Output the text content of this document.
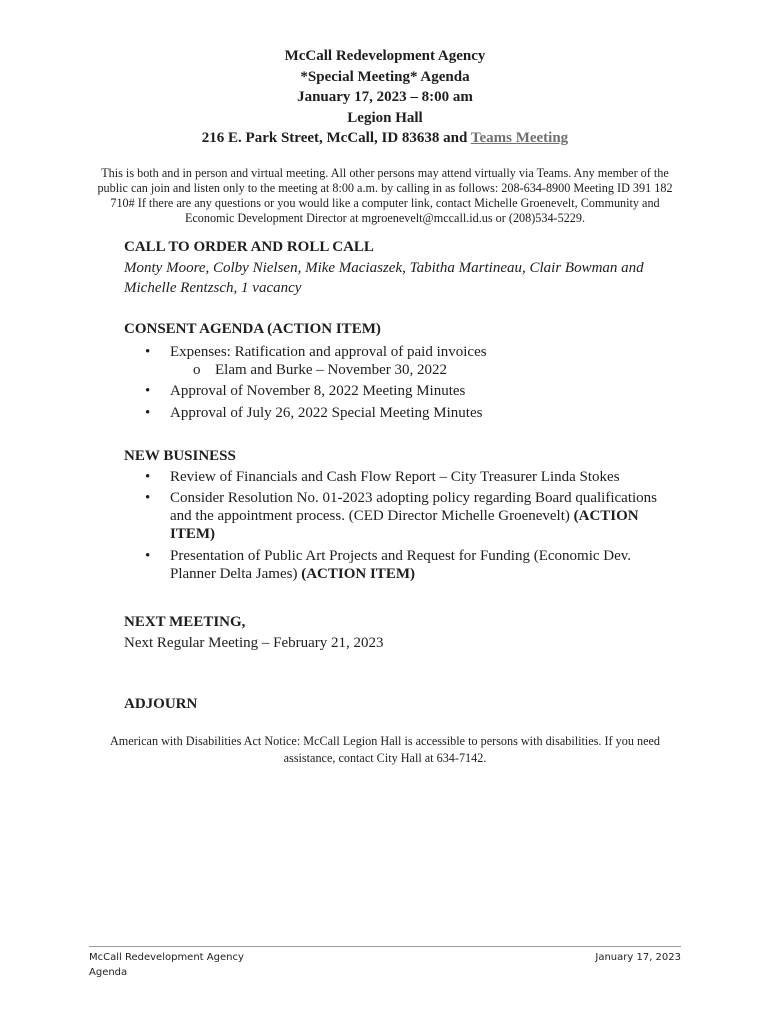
McCall Redevelopment Agency
*Special Meeting* Agenda
January 17, 2023 – 8:00 am
Legion Hall
216 E. Park Street, McCall, ID 83638 and Teams Meeting
This is both and in person and virtual meeting. All other persons may attend virtually via Teams. Any member of the public can join and listen only to the meeting at 8:00 a.m. by calling in as follows: 208-634-8900 Meeting ID 391 182 710# If there are any questions or you would like a computer link, contact Michelle Groenevelt, Community and Economic Development Director at mgroenevelt@mccall.id.us or (208)534-5229.
CALL TO ORDER AND ROLL CALL
Monty Moore, Colby Nielsen, Mike Maciaszek, Tabitha Martineau, Clair Bowman and Michelle Rentzsch, 1 vacancy
CONSENT AGENDA (ACTION ITEM)
• Expenses: Ratification and approval of paid invoices
o Elam and Burke – November 30, 2022
• Approval of November 8, 2022 Meeting Minutes
• Approval of July 26, 2022 Special Meeting Minutes
NEW BUSINESS
• Review of Financials and Cash Flow Report – City Treasurer Linda Stokes
• Consider Resolution No. 01-2023 adopting policy regarding Board qualifications and the appointment process. (CED Director Michelle Groenevelt) (ACTION ITEM)
• Presentation of Public Art Projects and Request for Funding (Economic Dev. Planner Delta James) (ACTION ITEM)
NEXT MEETING,
Next Regular Meeting – February 21, 2023
ADJOURN
American with Disabilities Act Notice: McCall Legion Hall is accessible to persons with disabilities. If you need assistance, contact City Hall at 634-7142.
McCall Redevelopment Agency
Agenda
January 17, 2023
